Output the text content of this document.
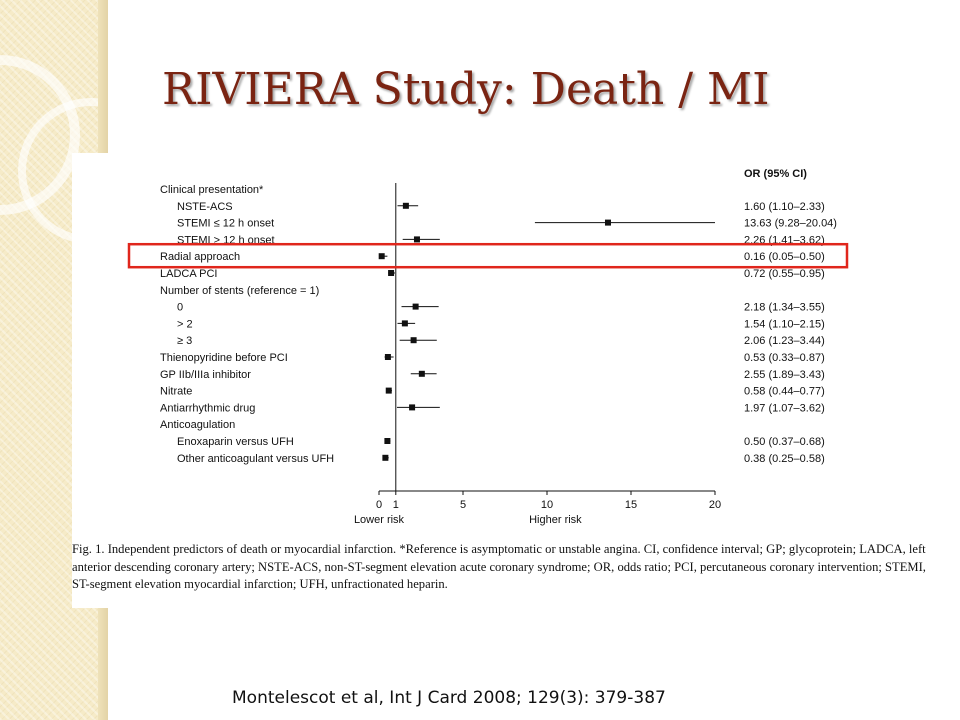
RIVIERA Study: Death / MI
OR (95% CI)
Clinical presentation*
NSTE-ACS	1.60 (1.10–2.33)
STEMI ≤ 12 h onset	13.63 (9.28–20.04)
STEMI > 12 h onset	2.26 (1.41–3.62)
Radial approach	0.16 (0.05–0.50)
LADCA PCI	0.72 (0.55–0.95)
Number of stents (reference = 1)
0	2.18 (1.34–3.55)
> 2	1.54 (1.10–2.15)
≥ 3	2.06 (1.23–3.44)
Thienopyridine before PCI	0.53 (0.33–0.87)
GP IIb/IIIa inhibitor	2.55 (1.89–3.43)
Nitrate	0.58 (0.44–0.77)
Antiarrhythmic drug	1.97 (1.07–3.62)
Anticoagulation
Enoxaparin versus UFH	0.50 (0.37–0.68)
Other anticoagulant versus UFH	0.38 (0.25–0.58)
0 1	5	10	15	20
Lower risk	Higher risk

Fig. 1. Independent predictors of death or myocardial infarction. *Reference is asymptomatic or unstable angina. CI, confidence interval; GP; glycoprotein; LADCA, left anterior descending coronary artery; NSTE-ACS, non-ST-segment elevation acute coronary syndrome; OR, odds ratio; PCI, percutaneous coronary intervention; STEMI, ST-segment elevation myocardial infarction; UFH, unfractionated heparin.

Montelescot et al, Int J Card 2008; 129(3): 379-387
